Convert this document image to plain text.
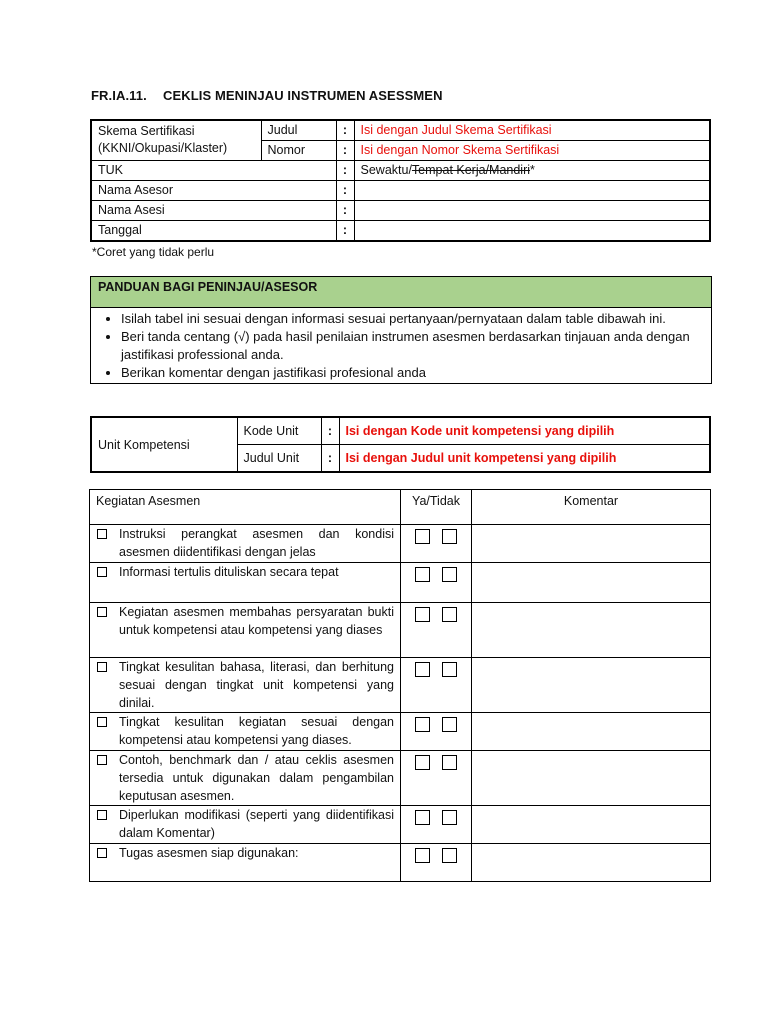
FR.IA.11. CEKLIS MENINJAU INSTRUMEN ASESSMEN
Skema Sertifikasi
(KKNI/Okupasi/Klaster)	Judul	:	Isi dengan Judul Skema Sertifikasi
	Nomor	:	Isi dengan Nomor Skema Sertifikasi
TUK		:	Sewaktu/Tempat Kerja/Mandiri*
Nama Asesor		:	
Nama Asesi		:	
Tanggal		:	
*Coret yang tidak perlu
PANDUAN BAGI PENINJAU/ASESOR
• Isilah tabel ini sesuai dengan informasi sesuai pertanyaan/pernyataan dalam table dibawah ini.
• Beri tanda centang (√) pada hasil penilaian instrumen asesmen berdasarkan tinjauan anda dengan jastifikasi professional anda.
• Berikan komentar dengan jastifikasi profesional anda
Unit Kompetensi	Kode Unit	:	Isi dengan Kode unit kompetensi yang dipilih
	Judul Unit	:	Isi dengan Judul unit kompetensi yang dipilih
Kegiatan Asesmen	Ya/Tidak	Komentar

Instruksi perangkat asesmen dan kondisi asesmen diidentifikasi dengan jelas		

Informasi tertulis dituliskan secara tepat		

Kegiatan asesmen membahas persyaratan bukti untuk kompetensi atau kompetensi yang diases		

Tingkat kesulitan bahasa, literasi, dan berhitung sesuai dengan tingkat unit kompetensi yang dinilai.		

Tingkat kesulitan kegiatan sesuai dengan kompetensi atau kompetensi yang diases.		

Contoh, benchmark dan / atau ceklis asesmen tersedia untuk digunakan dalam pengambilan keputusan asesmen.		

Diperlukan modifikasi (seperti yang diidentifikasi dalam Komentar)		

Tugas asesmen siap digunakan:		
